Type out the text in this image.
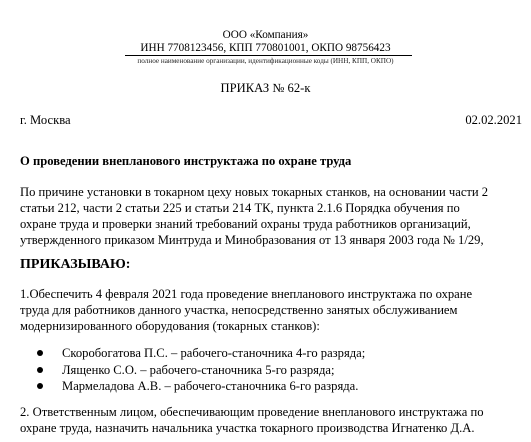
ООО «Компания»
ИНН 7708123456, КПП 770801001, ОКПО 98756423
полное наименование организации, идентификационные коды (ИНН, КПП, ОКПО)
ПРИКАЗ № 62-к
г. Москва	02.02.2021
О проведении внепланового инструктажа по охране труда
По причине установки в токарном цеху новых токарных станков, на основании части 2
статьи 212, части 2 статьи 225 и статьи 214 ТК, пункта 2.1.6 Порядка обучения по
охране труда и проверки знаний требований охраны труда работников организаций,
утвержденного приказом Минтруда и Минобразования от 13 января 2003 года № 1/29,
ПРИКАЗЫВАЮ:
1.Обеспечить 4 февраля 2021 года проведение внепланового инструктажа по охране
труда для работников данного участка, непосредственно занятых обслуживанием
модернизированного оборудования (токарных станков):
Скоробогатова П.С. – рабочего-станочника 4-го разряда;
Лященко С.О. – рабочего-станочника 5-го разряда;
Мармеладова А.В. – рабочего-станочника 6-го разряда.
2. Ответственным лицом, обеспечивающим проведение внепланового инструктажа по
охране труда, назначить начальника участка токарного производства Игнатенко Д.А.
